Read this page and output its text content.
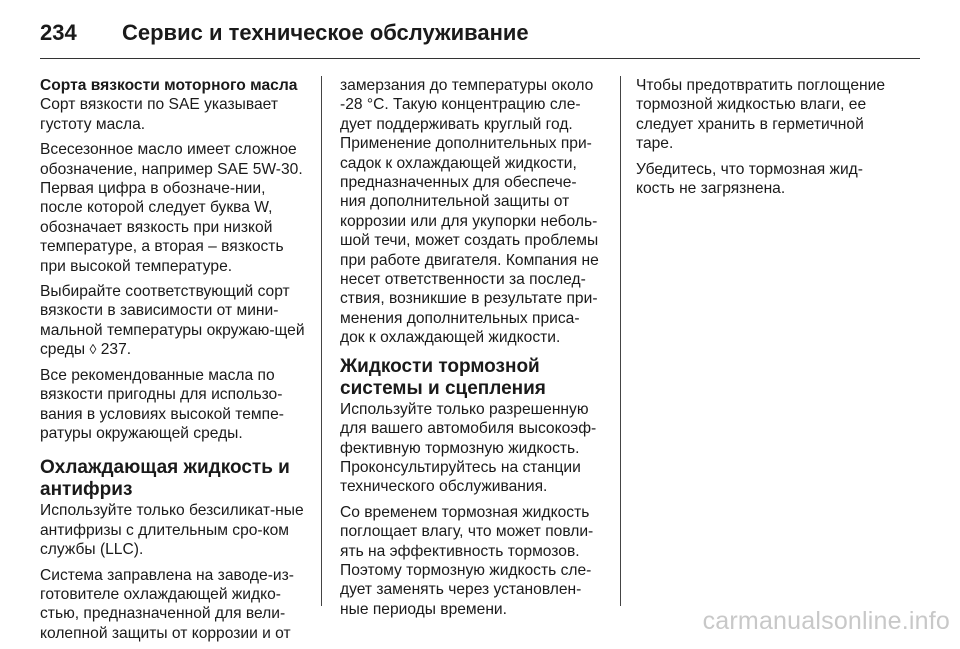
234	Сервис и техническое обслуживание
Сорта вязкости моторного масла

Сорт вязкости по SAE указывает густоту масла.

Всесезонное масло имеет сложное обозначение, например SAE 5W-30. Первая цифра в обозначе-нии, после которой следует буква W, обозначает вязкость при низкой температуре, а вторая – вязкость при высокой температуре.

Выбирайте соответствующий сорт вязкости в зависимости от мини-мальной температуры окружаю-щей среды ◊ 237.

Все рекомендованные масла по вязкости пригодны для использо-вания в условиях высокой темпе-ратуры окружающей среды.

Охлаждающая жидкость и антифриз

Используйте только безсиликат-ные антифризы с длительным сро-ком службы (LLC).

Система заправлена на заводе-из-готовителе охлаждающей жидко-стью, предназначенной для вели-колепной защиты от коррозии и от

замерзания до температуры около -28 °C. Такую концентрацию сле-дует поддерживать круглый год. Применение дополнительных при-садок к охлаждающей жидкости, предназначенных для обеспече-ния дополнительной защиты от коррозии или для укупорки неболь-шой течи, может создать проблемы при работе двигателя. Компания не несет ответственности за послед-ствия, возникшие в результате при-менения дополнительных приса-док к охлаждающей жидкости.

Жидкости тормозной системы и сцепления

Используйте только разрешенную для вашего автомобиля высокоэф-фективную тормозную жидкость. Проконсультируйтесь на станции технического обслуживания.

Со временем тормозная жидкость поглощает влагу, что может повли-ять на эффективность тормозов. Поэтому тормозную жидкость сле-дует заменять через установлен-ные периоды времени.

Чтобы предотвратить поглощение тормозной жидкостью влаги, ее следует хранить в герметичной таре.

Убедитесь, что тормозная жид-кость не загрязнена.

carmanualsonline.info
